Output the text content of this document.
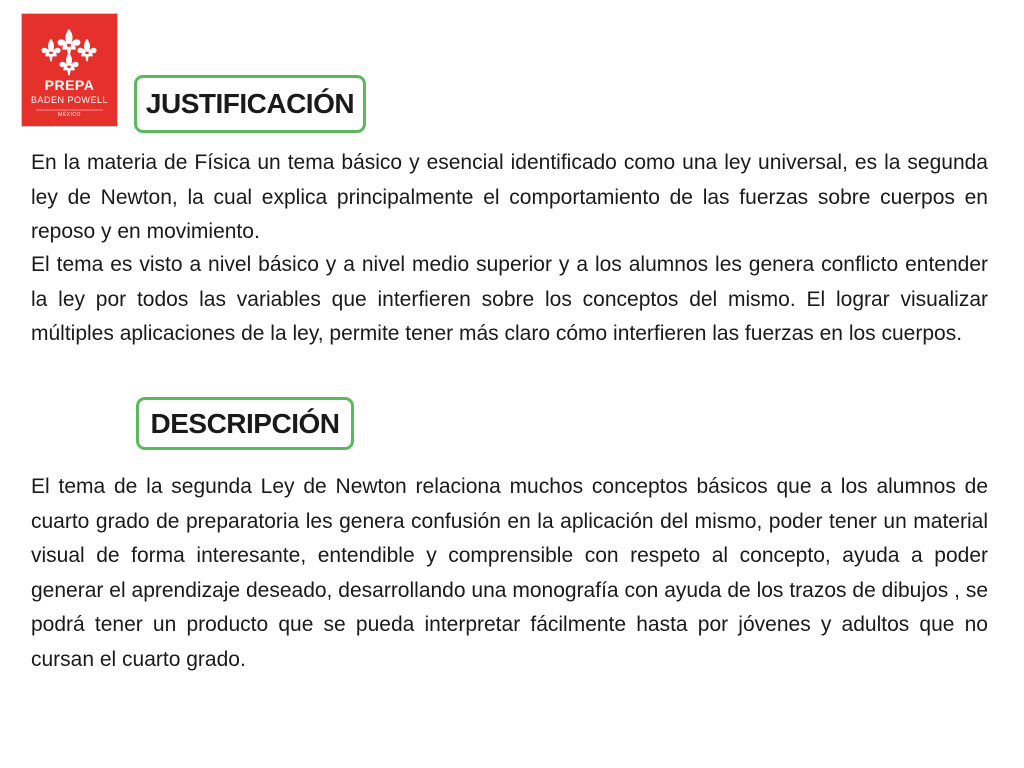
PREPA
BADEN POWELL
MÉXICO	JUSTIFICACIÓN

En la materia de Física un tema básico y esencial identificado como una ley universal, es la segunda ley de Newton, la cual explica principalmente el comportamiento de las fuerzas sobre cuerpos en reposo y en movimiento.

El tema es visto a nivel básico y a nivel medio superior y a los alumnos les genera conflicto entender la ley por todos las variables que interfieren sobre los conceptos del mismo. El lograr visualizar múltiples aplicaciones de la ley, permite tener más claro cómo interfieren las fuerzas en los cuerpos.

DESCRIPCIÓN

El tema de la segunda Ley de Newton relaciona muchos conceptos básicos que a los alumnos de cuarto grado de preparatoria les genera confusión en la aplicación del mismo, poder tener un material visual de forma interesante, entendible y comprensible con respeto al concepto, ayuda a poder generar el aprendizaje deseado, desarrollando una monografía con ayuda de los trazos de dibujos , se podrá tener un producto que se pueda interpretar fácilmente hasta por jóvenes y adultos que no cursan el cuarto grado.
